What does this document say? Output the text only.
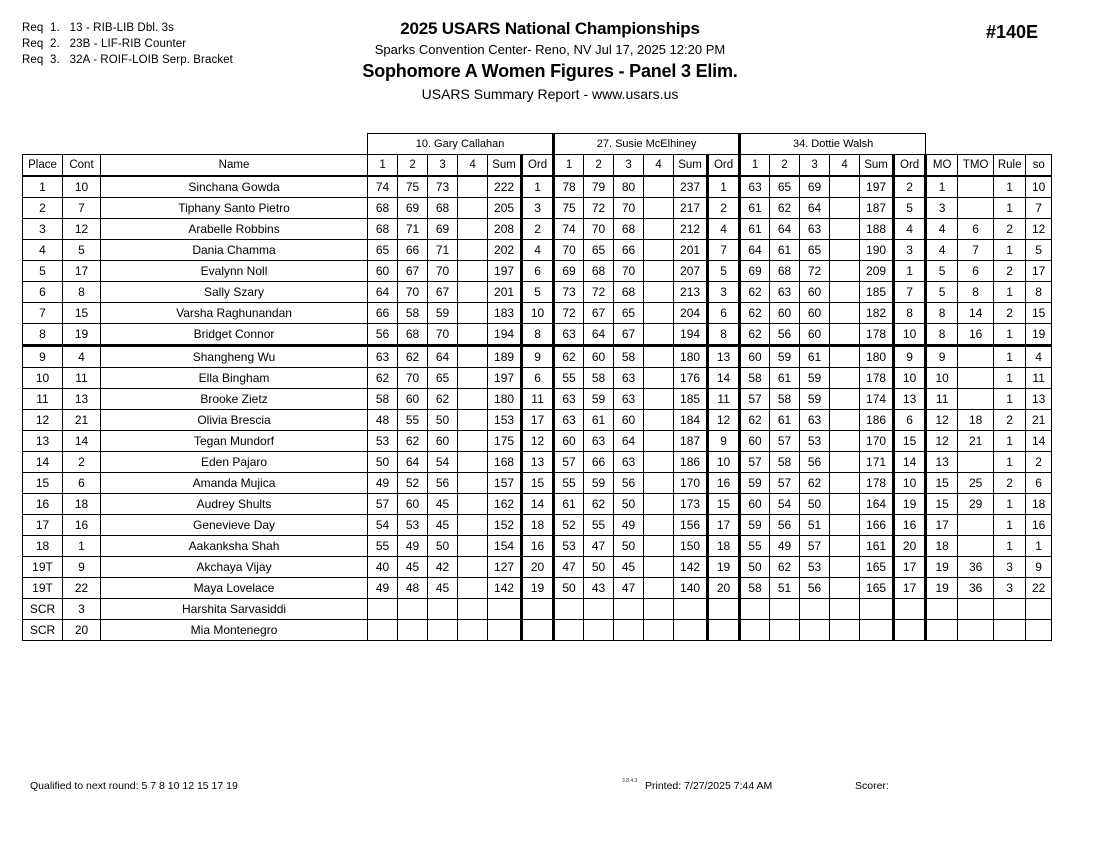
Req  1.   13 - RIB-LIB Dbl. 3s
Req  2.   23B - LIF-RIB Counter
Req  3.   32A - ROIF-LOIB Serp. Bracket
2025 USARS National Championships
Sparks Convention Center- Reno, NV Jul 17, 2025 12:20 PM
Sophomore A Women Figures - Panel 3 Elim.
USARS Summary Report - www.usars.us
#140E
			10. Gary Callahan						27. Susie McElhiney						34. Dottie Walsh									
Place	Cont	Name	1	2	3	4	Sum	Ord	1	2	3	4	Sum	Ord	1	2	3	4	Sum	Ord	MO	TMO	Rule	so
1	10	Sinchana Gowda	74	75	73		222	1	78	79	80		237	1	63	65	69		197	2	1		1	10
2	7	Tiphany Santo Pietro	68	69	68		205	3	75	72	70		217	2	61	62	64		187	5	3		1	7
3	12	Arabelle Robbins	68	71	69		208	2	74	70	68		212	4	61	64	63		188	4	4	6	2	12
4	5	Dania Chamma	65	66	71		202	4	70	65	66		201	7	64	61	65		190	3	4	7	1	5
5	17	Evalynn Noll	60	67	70		197	6	69	68	70		207	5	69	68	72		209	1	5	6	2	17
6	8	Sally Szary	64	70	67		201	5	73	72	68		213	3	62	63	60		185	7	5	8	1	8
7	15	Varsha Raghunandan	66	58	59		183	10	72	67	65		204	6	62	60	60		182	8	8	14	2	15
8	19	Bridget Connor	56	68	70		194	8	63	64	67		194	8	62	56	60		178	10	8	16	1	19
9	4	Shangheng Wu	63	62	64		189	9	62	60	58		180	13	60	59	61		180	9	9		1	4
10	11	Ella Bingham	62	70	65		197	6	55	58	63		176	14	58	61	59		178	10	10		1	11
11	13	Brooke Zietz	58	60	62		180	11	63	59	63		185	11	57	58	59		174	13	11		1	13
12	21	Olivia Brescia	48	55	50		153	17	63	61	60		184	12	62	61	63		186	6	12	18	2	21
13	14	Tegan Mundorf	53	62	60		175	12	60	63	64		187	9	60	57	53		170	15	12	21	1	14
14	2	Eden Pajaro	50	64	54		168	13	57	66	63		186	10	57	58	56		171	14	13		1	2
15	6	Amanda Mujica	49	52	56		157	15	55	59	56		170	16	59	57	62		178	10	15	25	2	6
16	18	Audrey Shults	57	60	45		162	14	61	62	50		173	15	60	54	50		164	19	15	29	1	18
17	16	Genevieve Day	54	53	45		152	18	52	55	49		156	17	59	56	51		166	16	17		1	16
18	1	Aakanksha Shah	55	49	50		154	16	53	47	50		150	18	55	49	57		161	20	18		1	1
19T	9	Akchaya Vijay	40	45	42		127	20	47	50	45		142	19	50	62	53		165	17	19	36	3	9
19T	22	Maya Lovelace	49	48	45		142	19	50	43	47		140	20	58	51	56		165	17	19	36	3	22
SCR	3	Harshita Sarvasiddi																						
SCR	20	Mia Montenegro																						
Qualified to next round: 5 7 8 10 12 15 17 19	3.8.4.3 Printed: 7/27/2025 7:44 AM	Scorer:
